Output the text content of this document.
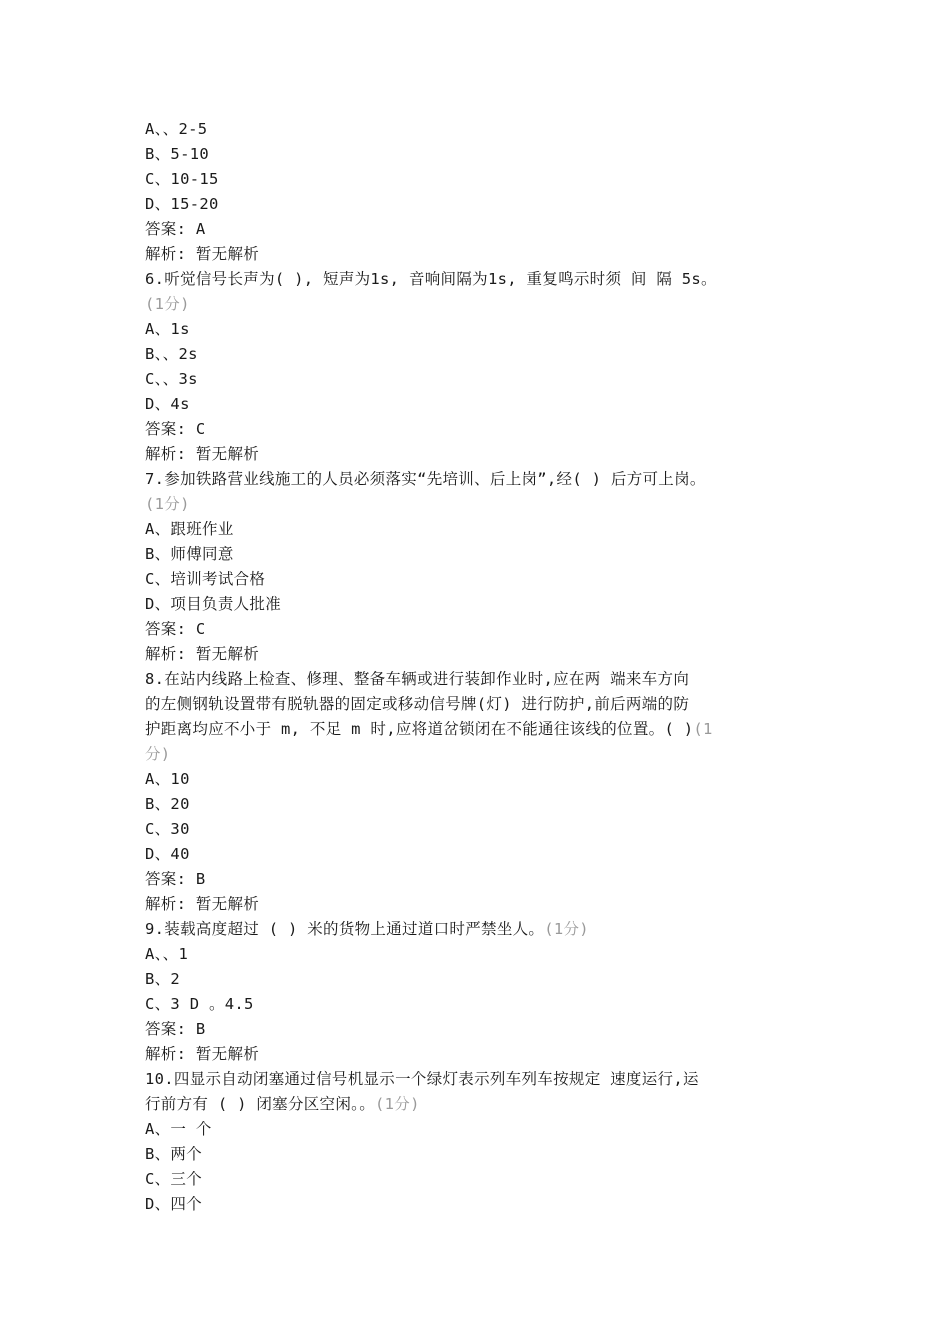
A、、2-5
B、5-10
C、10-15
D、15-20
答案: A
解析: 暂无解析
6.听觉信号长声为( ), 短声为1s, 音响间隔为1s, 重复鸣示时须 间 隔 5s。
(1分)
A、1s
B、、2s
C、、3s
D、4s
答案: C
解析: 暂无解析
7.参加铁路营业线施工的人员必须落实“先培训、后上岗”,经( ) 后方可上岗。
(1分)
A、跟班作业
B、师傅同意
C、培训考试合格
D、项目负责人批准
答案: C
解析: 暂无解析
8.在站内线路上检查、修理、整备车辆或进行装卸作业时,应在两 端来车方向
的左侧钢轨设置带有脱轨器的固定或移动信号牌(灯) 进行防护,前后两端的防
护距离均应不小于 m, 不足 m 时,应将道岔锁闭在不能通往该线的位置。( )(1
分)
A、10
B、20
C、30
D、40
答案: B
解析: 暂无解析
9.装载高度超过 ( ) 米的货物上通过道口时严禁坐人。(1分)
A、、1
B、2
C、3 D 。4.5
答案: B
解析: 暂无解析
10.四显示自动闭塞通过信号机显示一个绿灯表示列车列车按规定 速度运行,运
行前方有 ( ) 闭塞分区空闲。。(1分)
A、一 个
B、两个
C、三个
D、四个
